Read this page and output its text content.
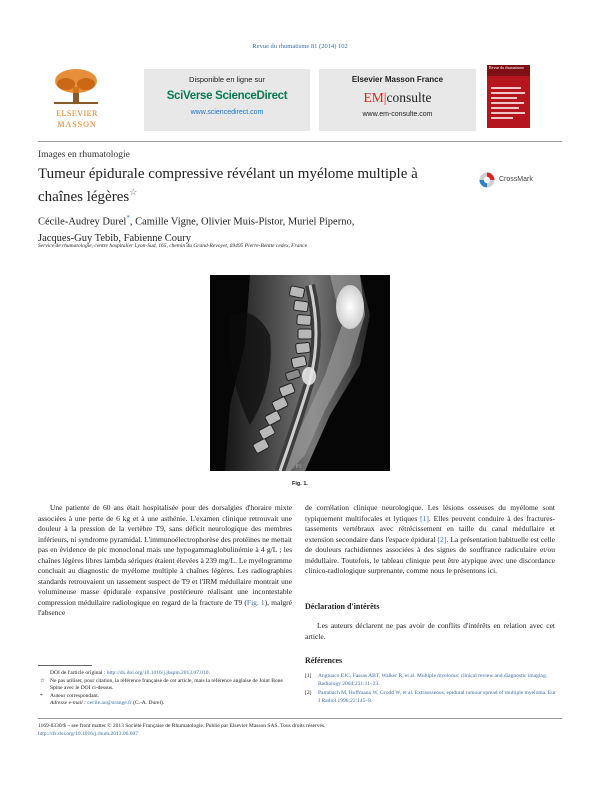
Revue du rhumatisme 81 (2014) 102
ELSEVIER
MASSON
Disponible en ligne sur
SciVerse ScienceDirect
www.sciencedirect.com
Elsevier Masson France
EM|consulte
www.em-consulte.com
Revue du rhumatisme
Images en rhumatologie
Tumeur épidurale compressive révélant un myélome multiple à chaînes légères☆
CrossMark
Cécile-Audrey Durel*, Camille Vigne, Olivier Muis-Pistor, Muriel Piperno,
Jacques-Guy Tebib, Fabienne Coury
Service de rhumatologie, centre hospitalier Lyon-Sud, 165, chemin du Grand-Revoyet, 69495 Pierre-Bénite cedex, France
[F]
Fig. 1.

Une patiente de 60 ans était hospitalisée pour des dorsalgies d'horaire mixte associées à une perte de 6 kg et à une asthénie. L'examen clinique retrouvait une douleur à la pression de la vertèbre T9, sans déficit neurologique des membres inférieurs, ni syndrome pyramidal. L'immunoélectrophorèse des protéines ne mettait pas en évidence de pic monoclonal mais une hypogammaglobulinémie à 4 g/L ; les chaînes légères libres lambda sériques étaient élevées à 239 mg/L. Le myélogramme concluait au diagnostic de myélome multiple à chaînes légères. Les radiographies standards retrouvaient un tassement suspect de T9 et l'IRM médullaire montrait une volumineuse masse épidurale expansive postérieure réalisant une incontestable compression médullaire radiologique en regard de la fracture de T9 (Fig. 1), malgré l'absence

de corrélation clinique neurologique. Les lésions osseuses du myélome sont typiquement multifocales et lytiques [1]. Elles peuvent conduire à des fractures-tassements vertébraux avec rétrécissement en taille du canal médullaire et extension secondaire dans l'espace épidural [2]. La présentation habituelle est celle de douleurs rachidiennes associées à des signes de souffrance radiculaire et/ou médullaire. Toutefois, le tableau clinique peut être atypique avec une discordance clinico-radiologique surprenante, comme nous le présentons ici.

Déclaration d'intérêts
Les auteurs déclarent ne pas avoir de conflits d'intérêts en relation avec cet article.
Références
[1] Angtuaco EJC, Fassas ABT, Walker R, et al. Multiple myeloma: clinical review and diagnostic imaging. Radiology 2004;231:11–23.
[2] Patmbach M, Hoffmann W, Grodd W, et al. Extraosseous, epidural tumour spread of multiple myeloma. Eur J Radiol 1996;22:145–8.
DOI de l'article original : http://dx.doi.org/10.1016/j.jbspin.2013.07.010.
☆ Ne pas utiliser, pour citation, la référence française de cet article, mais la référence anglaise de Joint Bone Spine avec le DOI ci-dessus.
* Auteur correspondant.
Adresse e-mail : cecile.au@orange.fr (C.-A. Durel).
1169-8330/$ – see front matter © 2013 Société Française de Rhumatologie. Publié par Elsevier Masson SAS. Tous droits réservés.
http://dx.doi.org/10.1016/j.rhum.2013.06.007
